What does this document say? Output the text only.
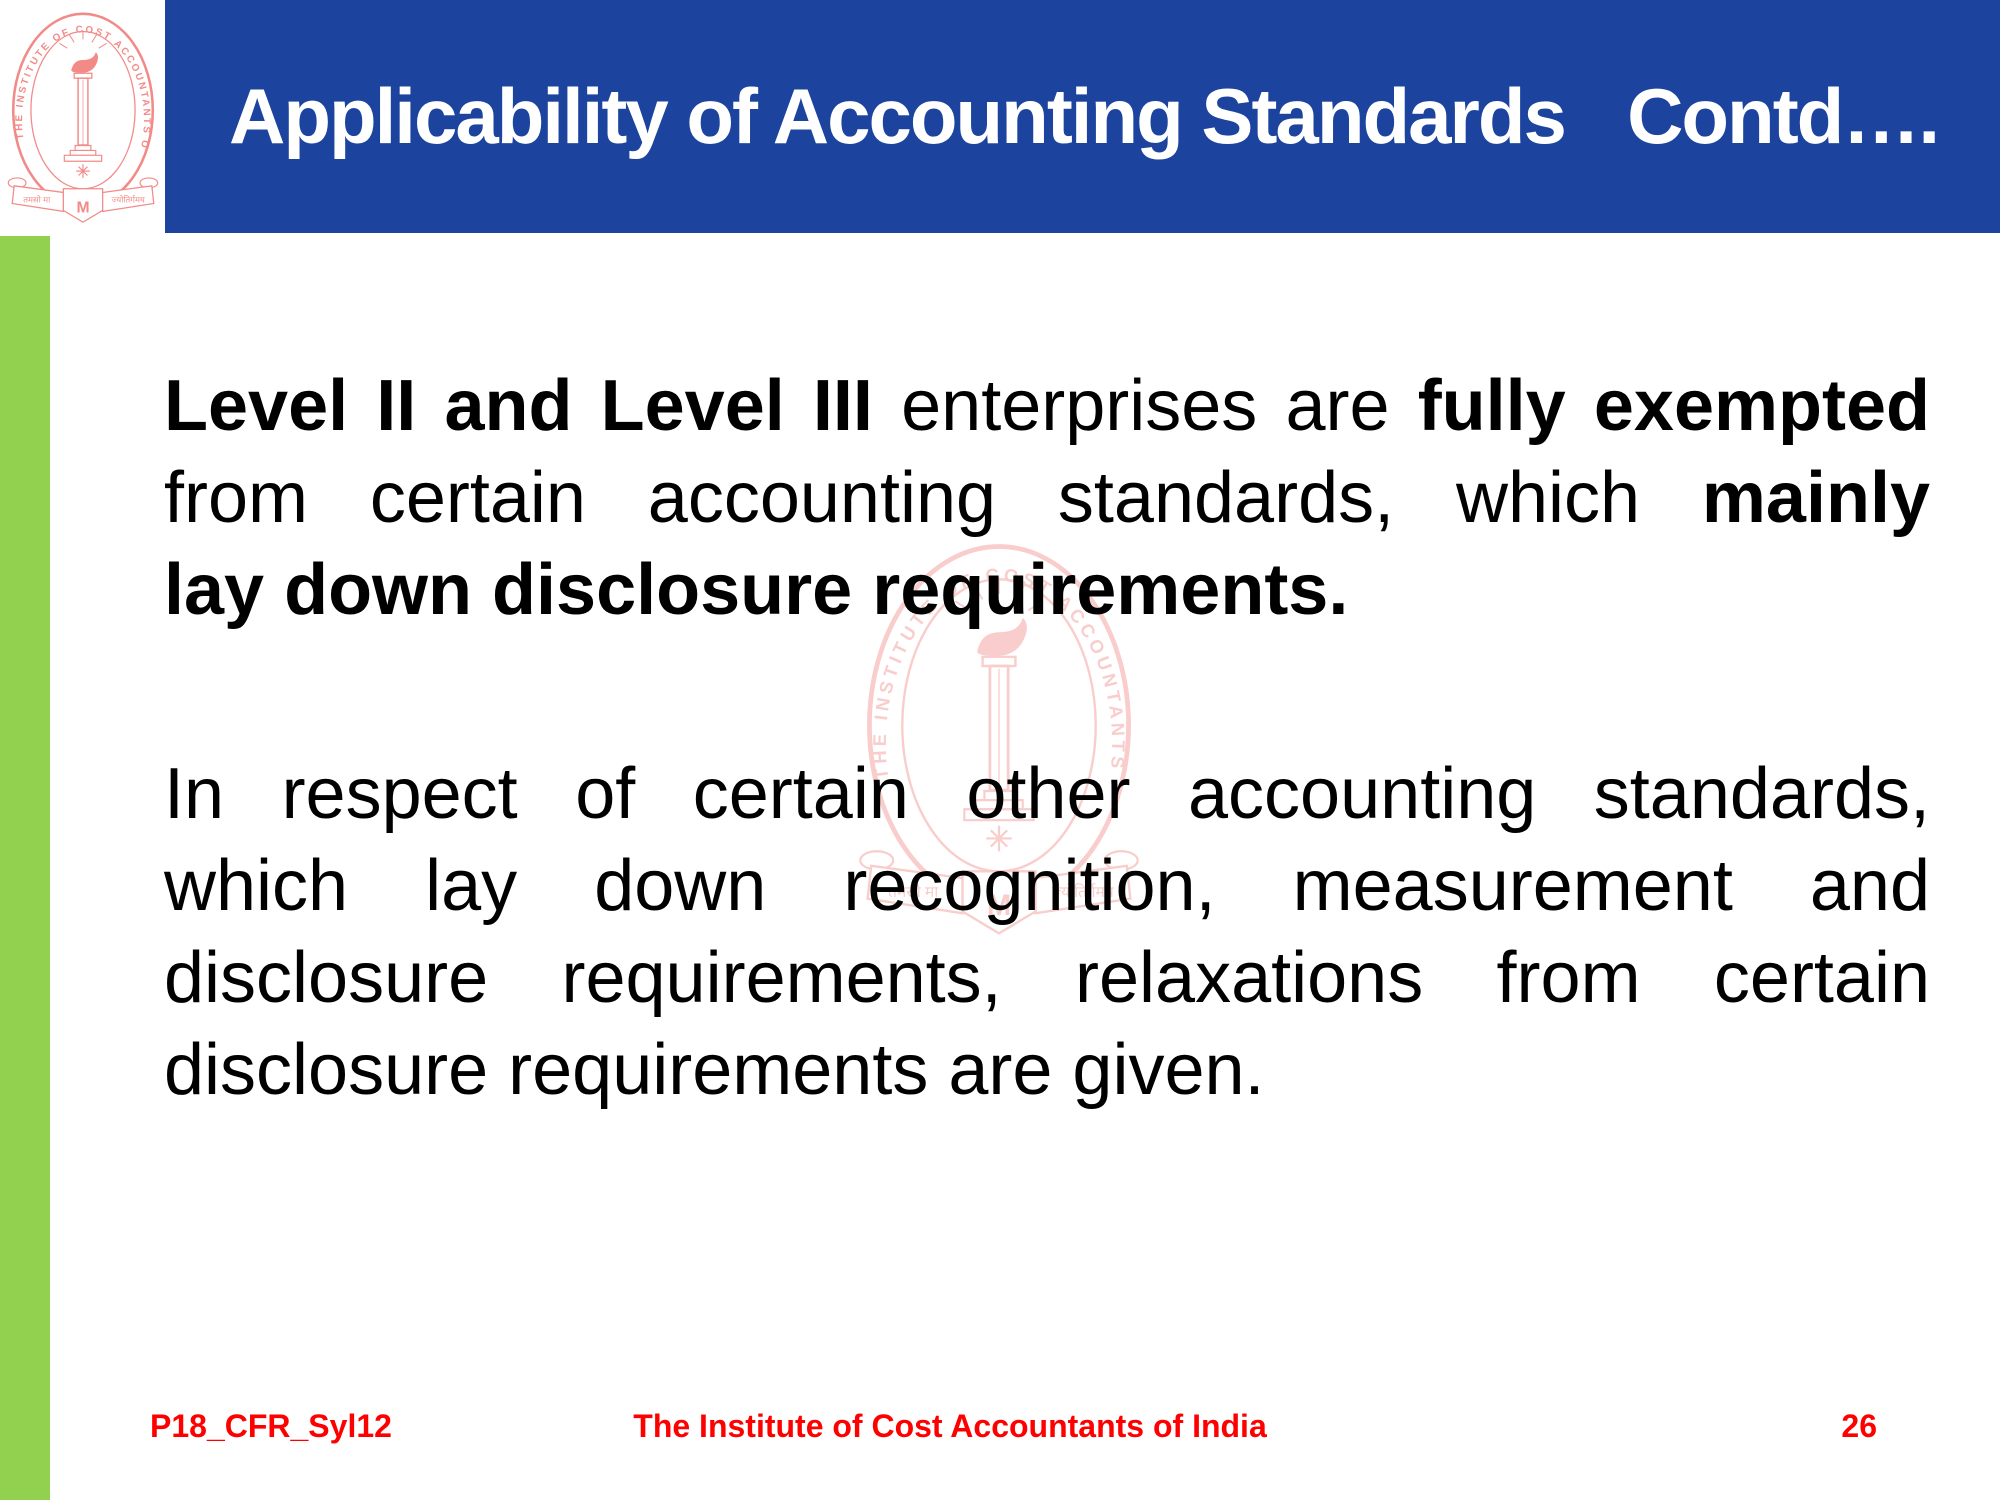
Applicability of Accounting Standards Contd….
Level II and Level III enterprises are fully exempted
from certain accounting standards, which mainly
lay down disclosure requirements.
In respect of certain other accounting standards,
which lay down recognition, measurement and
disclosure requirements, relaxations from certain
disclosure requirements are given.
P18_CFR_Syl12	The Institute of Cost Accountants of India	26
